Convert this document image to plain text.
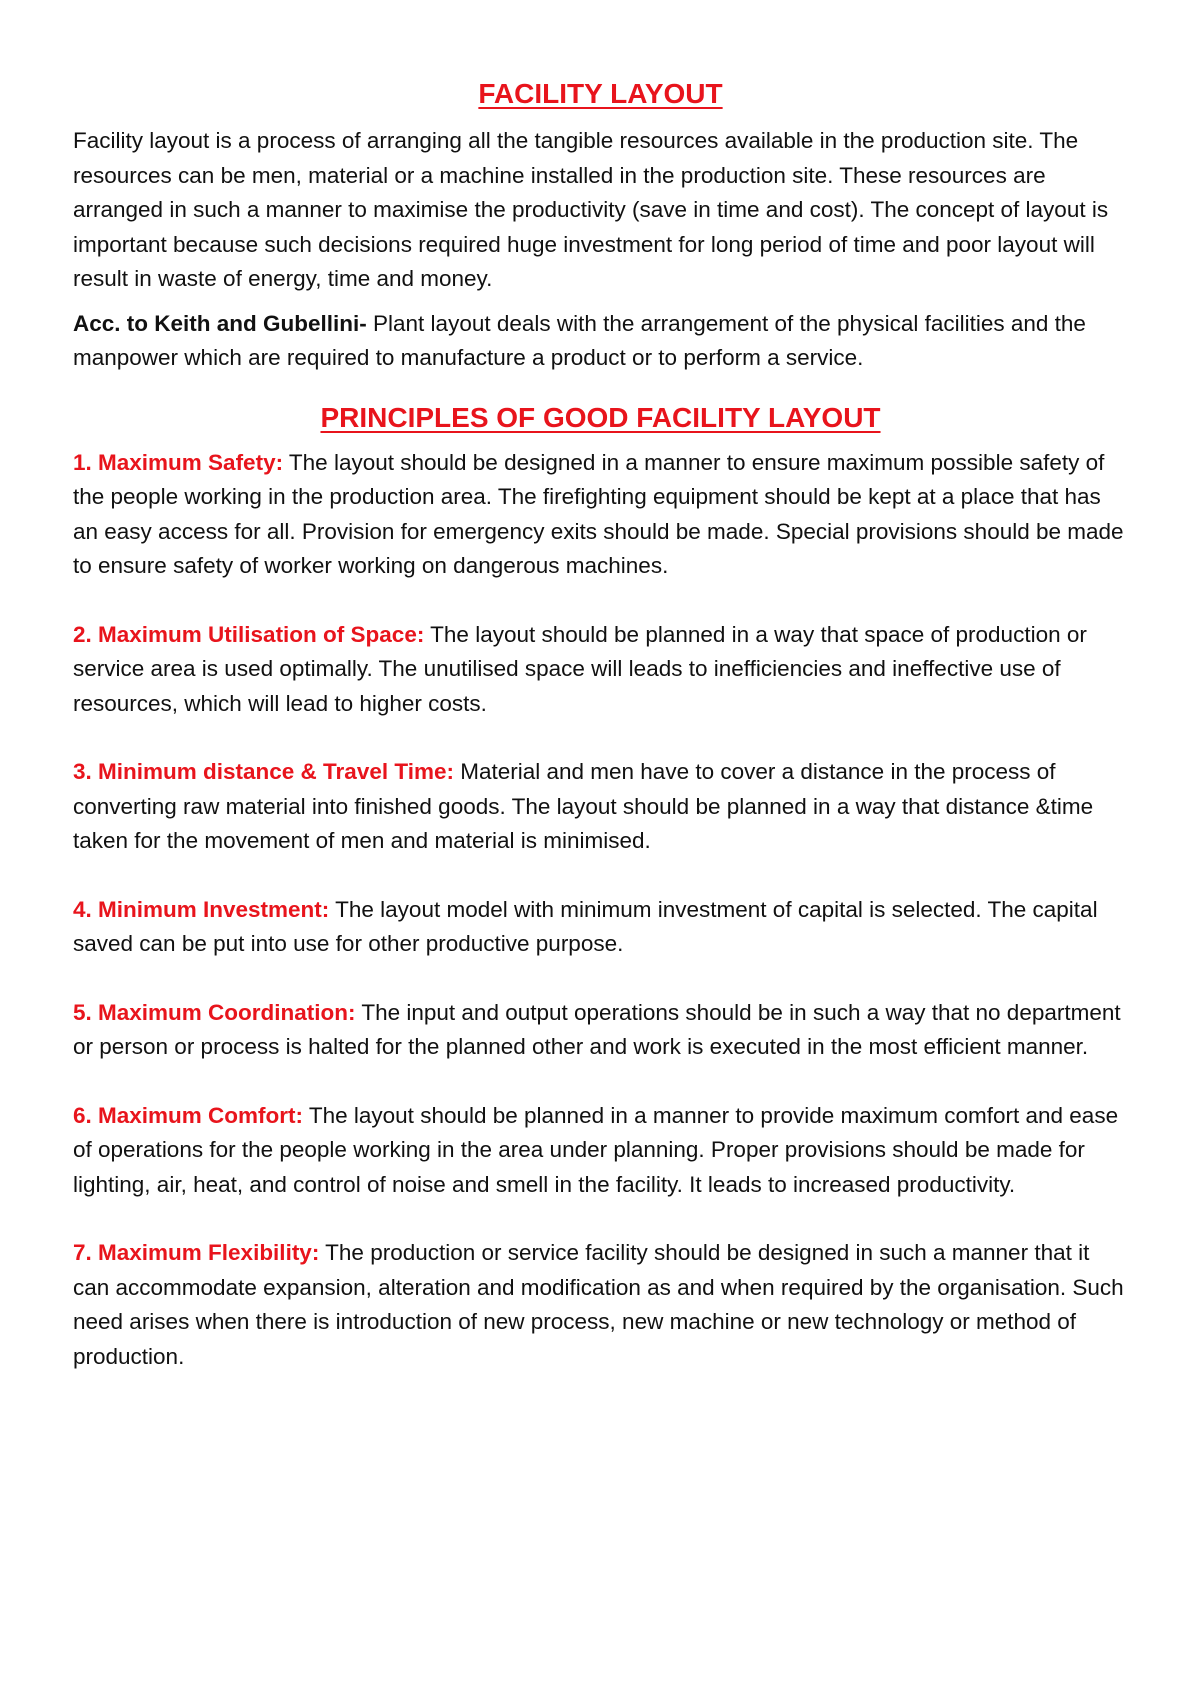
FACILITY LAYOUT

Facility layout is a process of arranging all the tangible resources available in the production site. The resources can be men, material or a machine installed in the production site. These resources are arranged in such a manner to maximise the productivity (save in time and cost). The concept of layout is important because such decisions required huge investment for long period of time and poor layout will result in waste of energy, time and money.

Acc. to Keith and Gubellini- Plant layout deals with the arrangement of the physical facilities and the manpower which are required to manufacture a product or to perform a service.

PRINCIPLES OF GOOD FACILITY LAYOUT

1. Maximum Safety: The layout should be designed in a manner to ensure maximum possible safety of the people working in the production area. The firefighting equipment should be kept at a place that has an easy access for all. Provision for emergency exits should be made. Special provisions should be made to ensure safety of worker working on dangerous machines.

2. Maximum Utilisation of Space: The layout should be planned in a way that space of production or service area is used optimally. The unutilised space will leads to inefficiencies and ineffective use of resources, which will lead to higher costs.

3. Minimum distance & Travel Time: Material and men have to cover a distance in the process of converting raw material into finished goods. The layout should be planned in a way that distance &time taken for the movement of men and material is minimised.

4. Minimum Investment: The layout model with minimum investment of capital is selected. The capital saved can be put into use for other productive purpose.

5. Maximum Coordination: The input and output operations should be in such a way that no department or person or process is halted for the planned other and work is executed in the most efficient manner.

6. Maximum Comfort: The layout should be planned in a manner to provide maximum comfort and ease of operations for the people working in the area under planning. Proper provisions should be made for lighting, air, heat, and control of noise and smell in the facility. It leads to increased productivity.

7. Maximum Flexibility: The production or service facility should be designed in such a manner that it can accommodate expansion, alteration and modification as and when required by the organisation. Such need arises when there is introduction of new process, new machine or new technology or method of production.
